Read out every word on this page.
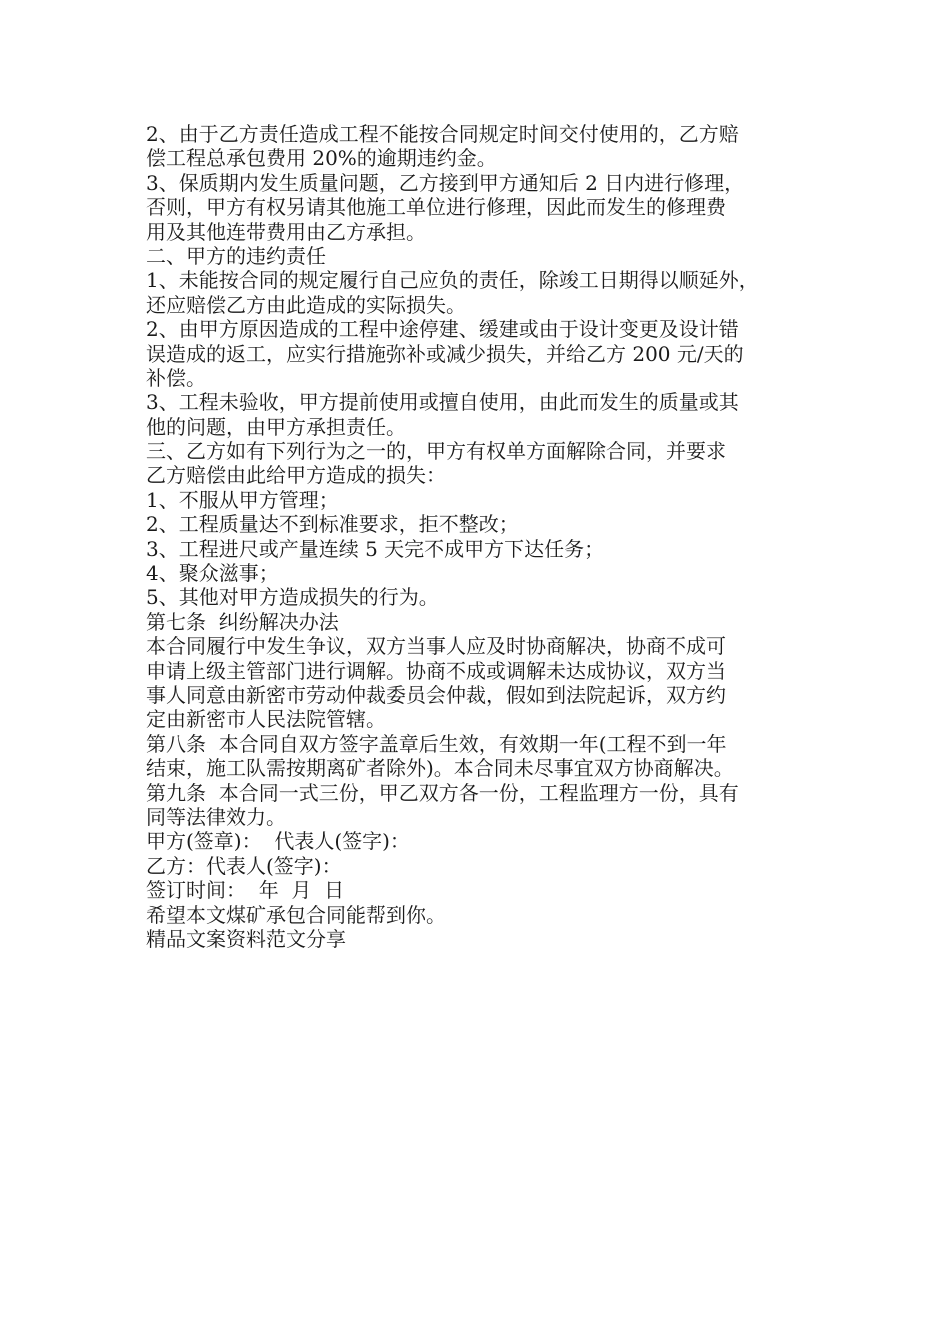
2、由于乙方责任造成工程不能按合同规定时间交付使用的，乙方赔
偿工程总承包费用 20%的逾期违约金。
3、保质期内发生质量问题，乙方接到甲方通知后 2 日内进行修理，
否则，甲方有权另请其他施工单位进行修理，因此而发生的修理费
用及其他连带费用由乙方承担。
二、甲方的违约责任
1、未能按合同的规定履行自己应负的责任，除竣工日期得以顺延外，
还应赔偿乙方由此造成的实际损失。
2、由甲方原因造成的工程中途停建、缓建或由于设计变更及设计错
误造成的返工，应实行措施弥补或减少损失，并给乙方 200 元/天的
补偿。
3、工程未验收，甲方提前使用或擅自使用，由此而发生的质量或其
他的问题，由甲方承担责任。
三、乙方如有下列行为之一的，甲方有权单方面解除合同，并要求
乙方赔偿由此给甲方造成的损失：
1、不服从甲方管理；
2、工程质量达不到标准要求，拒不整改；
3、工程进尺或产量连续 5 天完不成甲方下达任务；
4、聚众滋事；
5、其他对甲方造成损失的行为。
第七条  纠纷解决办法
本合同履行中发生争议，双方当事人应及时协商解决，协商不成可
申请上级主管部门进行调解。协商不成或调解未达成协议，双方当
事人同意由新密市劳动仲裁委员会仲裁，假如到法院起诉，双方约
定由新密市人民法院管辖。
第八条  本合同自双方签字盖章后生效，有效期一年(工程不到一年
结束，施工队需按期离矿者除外)。本合同未尽事宜双方协商解决。
第九条  本合同一式三份，甲乙双方各一份，工程监理方一份，具有
同等法律效力。
甲方(签章)：  代表人(签字)：
乙方：代表人(签字)：
签订时间：  年  月  日
希望本文煤矿承包合同能帮到你。
精品文案资料范文分享
